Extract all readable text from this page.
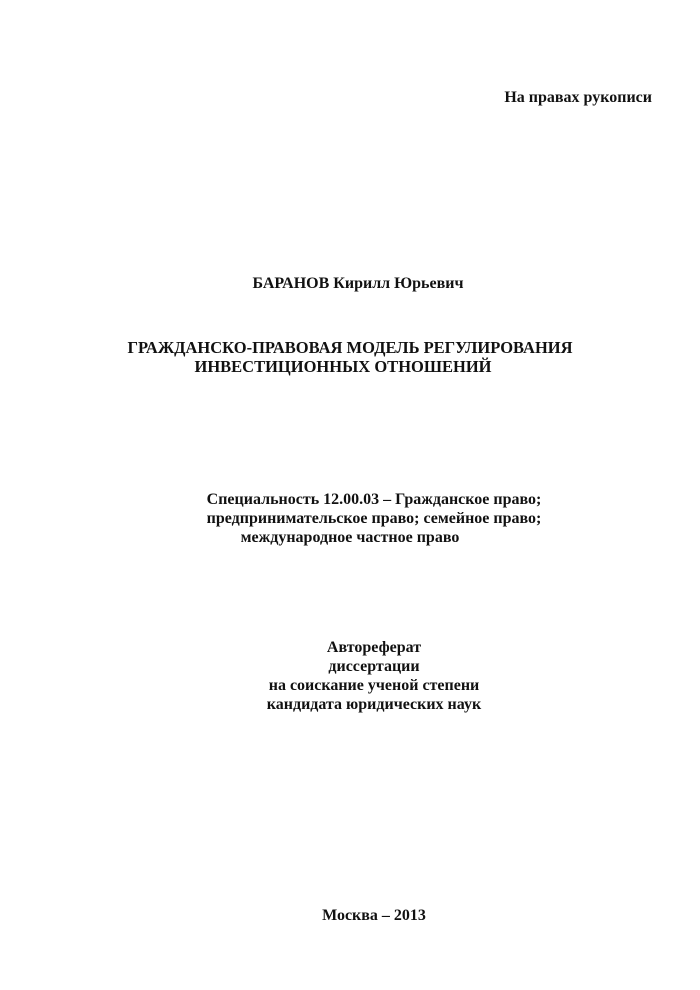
На правах рукописи
БАРАНОВ Кирилл Юрьевич
ГРАЖДАНСКО-ПРАВОВАЯ МОДЕЛЬ РЕГУЛИРОВАНИЯ
ИНВЕСТИЦИОННЫХ ОТНОШЕНИЙ
Специальность 12.00.03 – Гражданское право;
предпринимательское право; семейное право;
международное частное право
Автореферат
диссертации
на соискание ученой степени
кандидата юридических наук
Москва – 2013
